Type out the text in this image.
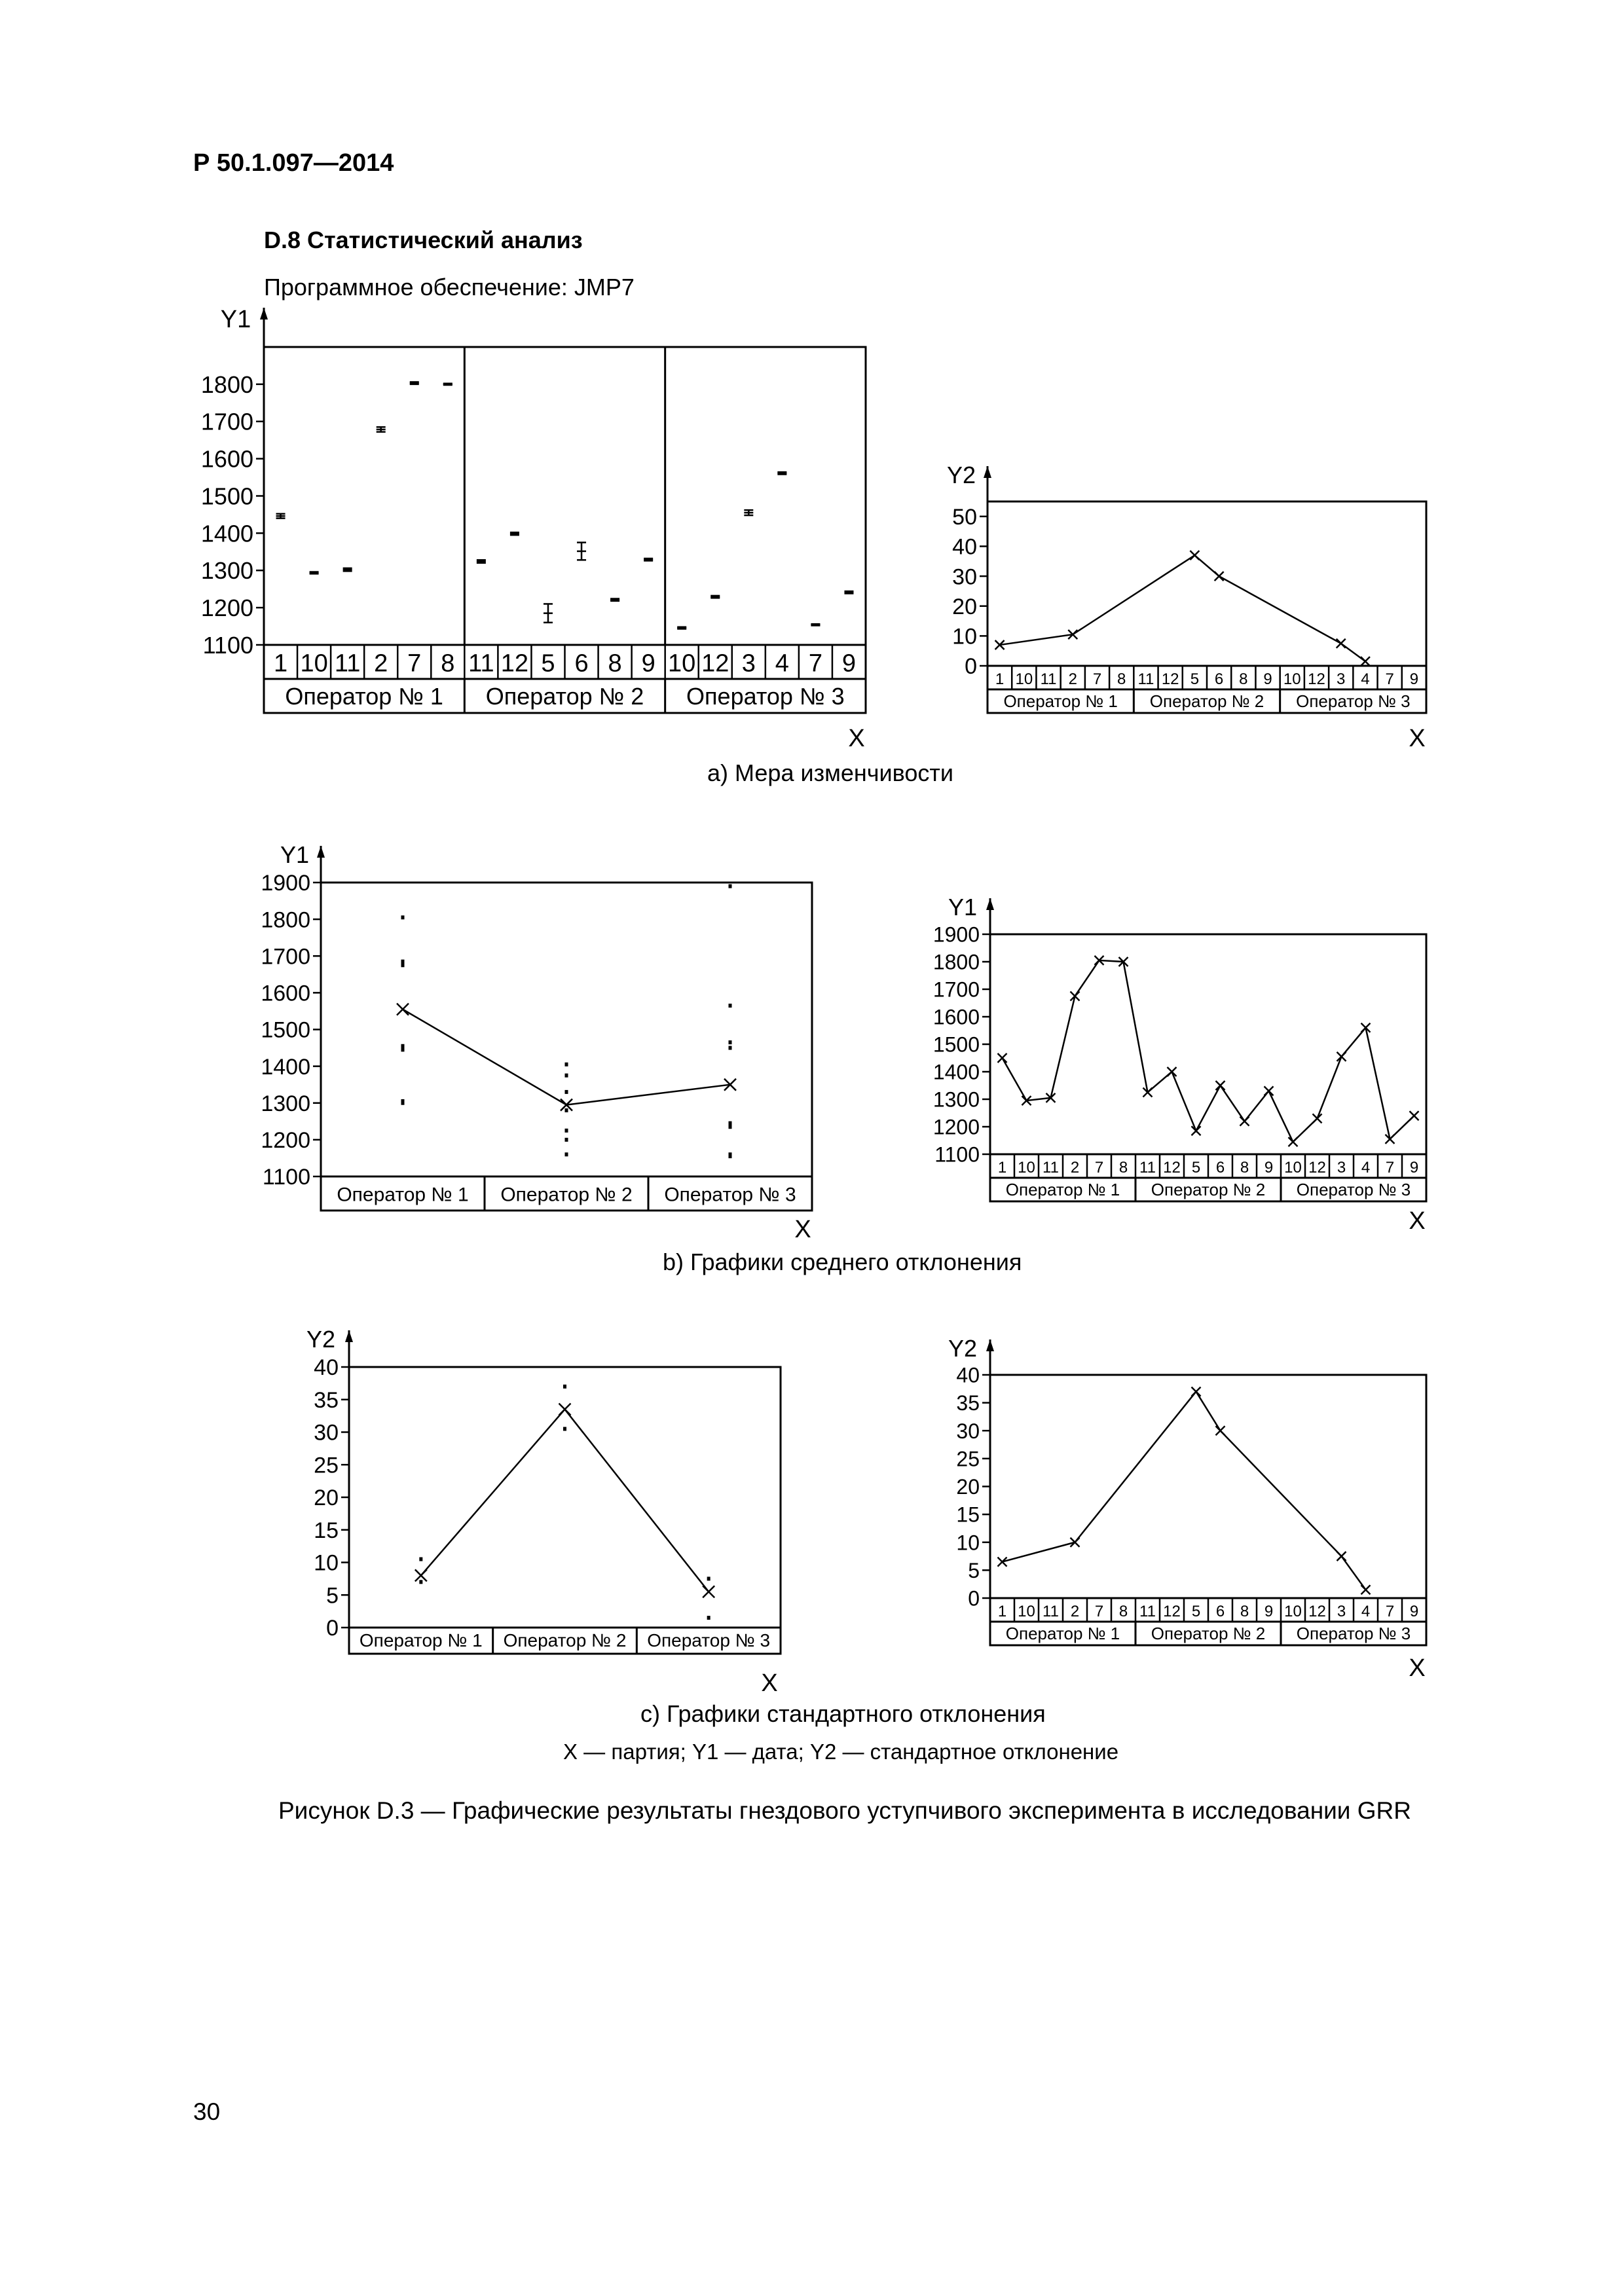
Р 50.1.097—2014
D.8 Статистический анализ
Программное обеспечение: JMP7
Y1
1100
1200
1300
1400
1500
1600
1700
1800
1 10 11 2 7 8 11 12 5 6 8 9 10 12 3 4 7 9
Оператор № 1 Оператор № 2 Оператор № 3
X
Y2
0
10
20
30
40
50
1 10 11 2 7 8 11 12 5 6 8 9 10 12 3 4 7 9
Оператор № 1 Оператор № 2 Оператор № 3
X
Y1
1100
1200
1300
1400
1500
1600
1700
1800
1900
Оператор № 1 Оператор № 2 Оператор № 3
X
Y1
1100
1200
1300
1400
1500
1600
1700
1800
1900
1 10 11 2 7 8 11 12 5 6 8 9 10 12 3 4 7 9
Оператор № 1 Оператор № 2 Оператор № 3
X
Y2
0
5
10
15
20
25
30
35
40
Оператор № 1 Оператор № 2 Оператор № 3
X
Y2
0
5
10
15
20
25
30
35
40
1 10 11 2 7 8 11 12 5 6 8 9 10 12 3 4 7 9
Оператор № 1 Оператор № 2 Оператор № 3
X
а) Мера изменчивости
b) Графики среднего отклонения
с) Графики стандартного отклонения
X — партия; Y1 — дата; Y2 — стандартное отклонение
Рисунок D.3 — Графические результаты гнездового уступчивого эксперимента в исследовании GRR
30
